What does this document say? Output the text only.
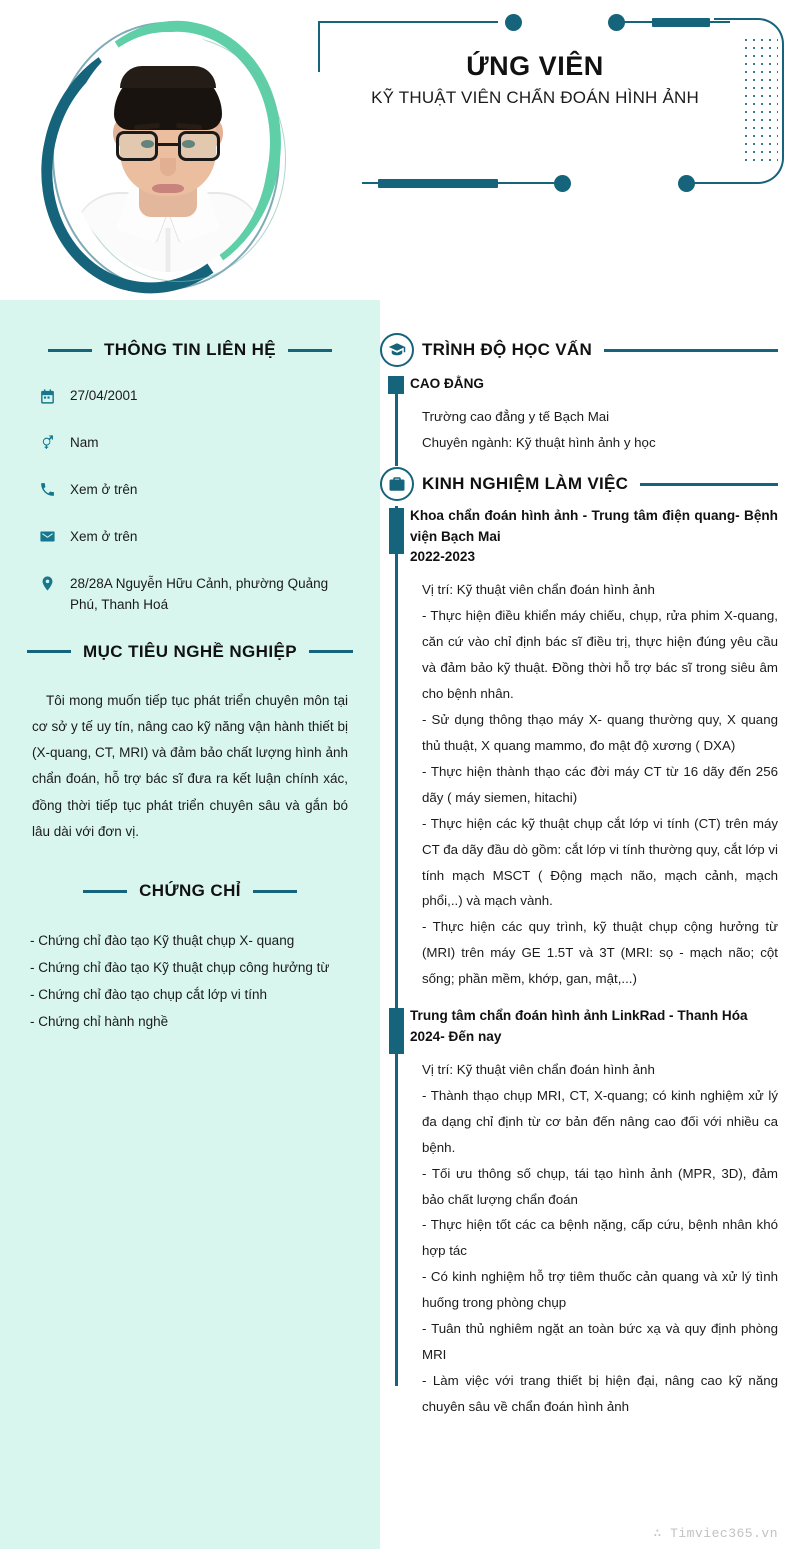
ỨNG VIÊN
KỸ THUẬT VIÊN CHẨN ĐOÁN HÌNH ẢNH
THÔNG TIN LIÊN HỆ
27/04/2001
Nam
Xem ở trên
Xem ở trên
28/28A Nguyễn Hữu Cảnh, phường Quảng Phú, Thanh Hoá
MỤC TIÊU NGHỀ NGHIỆP
Tôi mong muốn tiếp tục phát triển chuyên môn tại cơ sở y tế uy tín, nâng cao kỹ năng vận hành thiết bị (X-quang, CT, MRI) và đảm bảo chất lượng hình ảnh chẩn đoán, hỗ trợ bác sĩ đưa ra kết luận chính xác, đồng thời tiếp tục phát triển chuyên sâu và gắn bó lâu dài với đơn vị.
CHỨNG CHỈ
- Chứng chỉ đào tạo Kỹ thuật chụp X- quang
- Chứng chỉ đào tạo Kỹ thuật chụp công hưởng từ
- Chứng chỉ đào tạo chụp cắt lớp vi tính
- Chứng chỉ hành nghề
TRÌNH ĐỘ HỌC VẤN
CAO ĐẲNG

Trường cao đẳng y tế Bạch Mai

Chuyên ngành: Kỹ thuật hình ảnh y học

KINH NGHIỆM LÀM VIỆC
Khoa chẩn đoán hình ảnh - Trung tâm điện quang- Bệnh viện Bạch Mai
2022-2023

Vị trí: Kỹ thuật viên chẩn đoán hình ảnh

- Thực hiện điều khiển máy chiếu, chụp, rửa phim X-quang, căn cứ vào chỉ định bác sĩ điều trị, thực hiện đúng yêu cầu và đảm bảo kỹ thuật. Đồng thời hỗ trợ bác sĩ trong siêu âm cho bệnh nhân.

- Sử dụng thông thạo máy X- quang thường quy, X quang thủ thuật, X quang mammo, đo mật độ xương ( DXA)

- Thực hiện thành thạo các đời máy CT từ 16 dãy đến 256 dãy ( máy siemen, hitachi)

- Thực hiện các kỹ thuật chụp cắt lớp vi tính (CT) trên máy CT đa dãy đầu dò gồm: cắt lớp vi tính thường quy, cắt lớp vi tính mạch MSCT ( Động mạch não, mạch cảnh, mạch phổi,..) và mạch vành.

- Thực hiện các quy trình, kỹ thuật chụp cộng hưởng từ (MRI) trên máy GE 1.5T và 3T (MRI: sọ - mạch não; cột sống; phần mềm, khớp, gan, mật,...)

Trung tâm chẩn đoán hình ảnh LinkRad - Thanh Hóa
2024- Đến nay

Vị trí: Kỹ thuật viên chẩn đoán hình ảnh

- Thành thạo chụp MRI, CT, X-quang; có kinh nghiệm xử lý đa dạng chỉ định từ cơ bản đến nâng cao đối với nhiều ca bệnh.

- Tối ưu thông số chụp, tái tạo hình ảnh (MPR, 3D), đảm bảo chất lượng chẩn đoán

- Thực hiện tốt các ca bệnh nặng, cấp cứu, bệnh nhân khó hợp tác

- Có kinh nghiệm hỗ trợ tiêm thuốc cản quang và xử lý tình huống trong phòng chụp

- Tuân thủ nghiêm ngặt an toàn bức xạ và quy định phòng MRI

- Làm việc với trang thiết bị hiện đại, nâng cao kỹ năng chuyên sâu về chẩn đoán hình ảnh

∴ Timviec365.vn
